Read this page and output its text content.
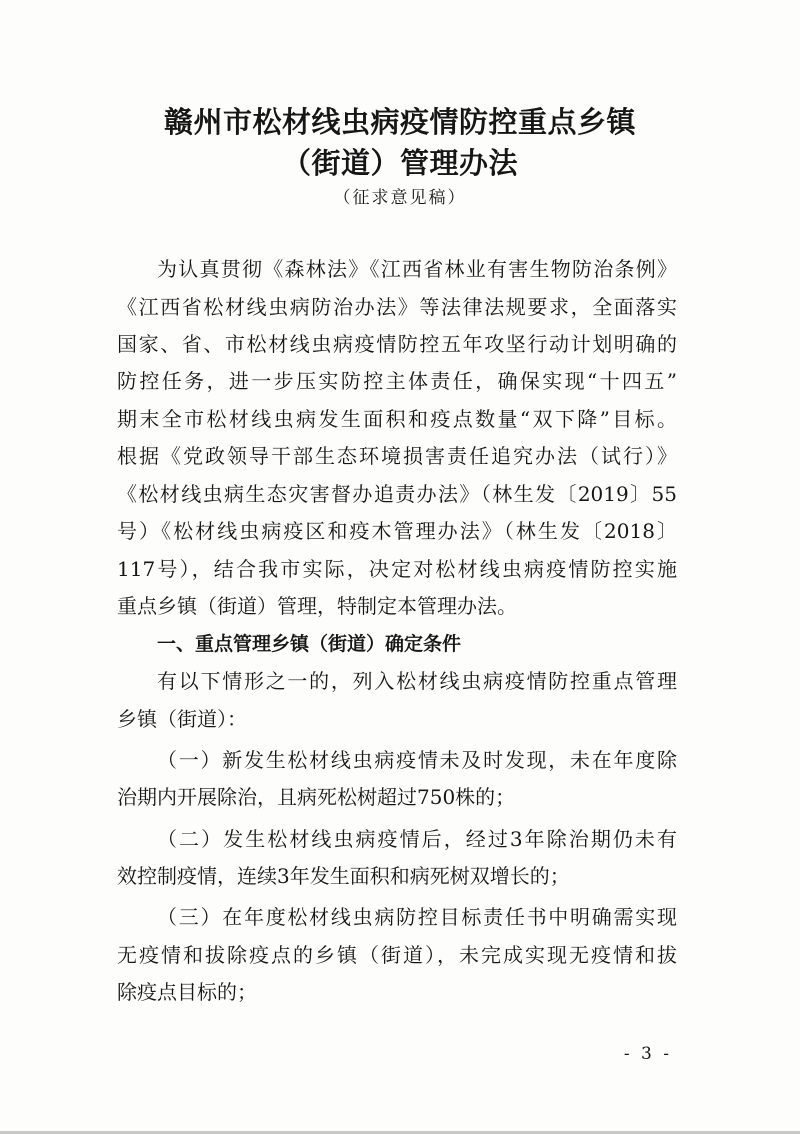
赣州市松材线虫病疫情防控重点乡镇
（街道）管理办法

（征求意见稿）

为认真贯彻《森林法》《江西省林业有害生物防治条例》

《江西省松材线虫病防治办法》等法律法规要求，全面落实

国家、省、市松材线虫病疫情防控五年攻坚行动计划明确的

防控任务，进一步压实防控主体责任，确保实现“十四五”

期末全市松材线虫病发生面积和疫点数量“双下降”目标。

根据《党政领导干部生态环境损害责任追究办法（试行）》

《松材线虫病生态灾害督办追责办法》（林生发〔2019〕55

号）《松材线虫病疫区和疫木管理办法》（林生发〔2018〕

117号），结合我市实际，决定对松材线虫病疫情防控实施

重点乡镇（街道）管理，特制定本管理办法。

一、重点管理乡镇（街道）确定条件

有以下情形之一的，列入松材线虫病疫情防控重点管理

乡镇（街道）：

（一）新发生松材线虫病疫情未及时发现，未在年度除

治期内开展除治，且病死松树超过750株的；

（二）发生松材线虫病疫情后，经过3年除治期仍未有

效控制疫情，连续3年发生面积和病死树双增长的；

（三）在年度松材线虫病防控目标责任书中明确需实现

无疫情和拔除疫点的乡镇（街道），未完成实现无疫情和拔

除疫点目标的；

- 3 -
